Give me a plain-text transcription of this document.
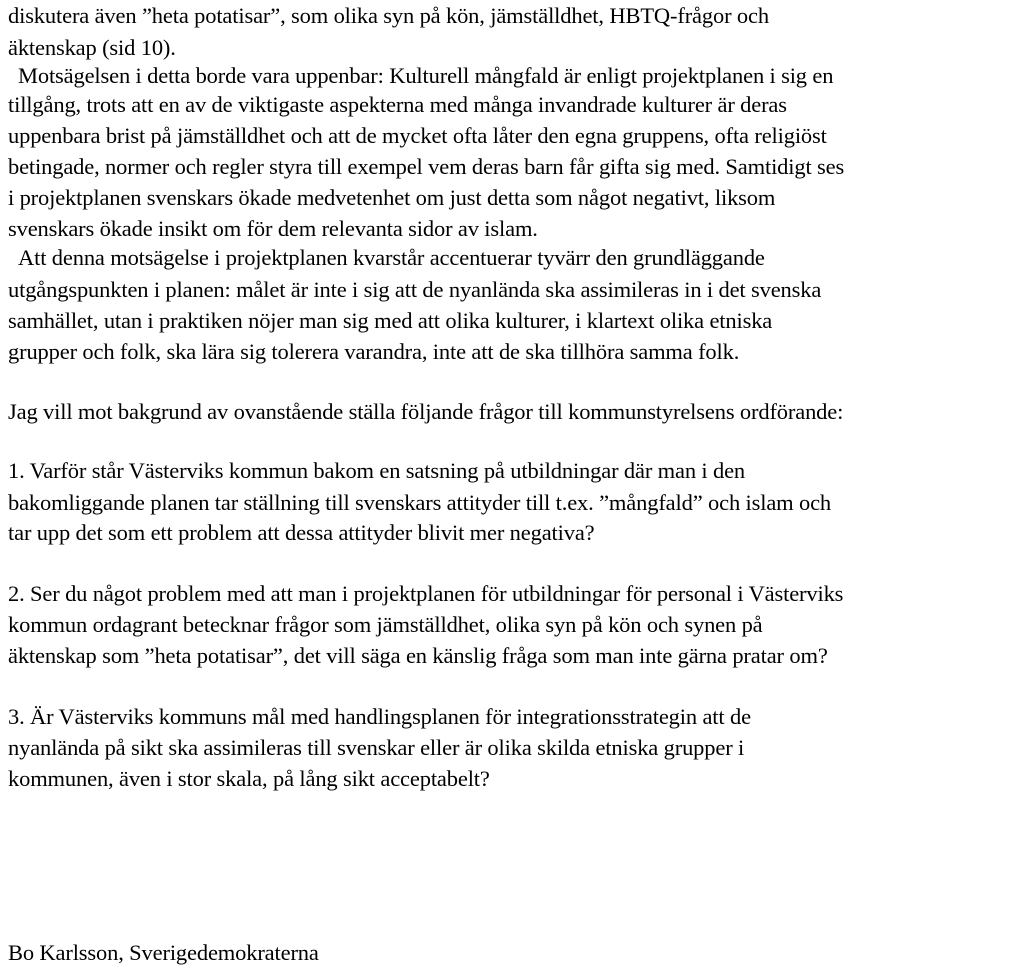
diskutera även ”heta potatisar”, som olika syn på kön, jämställdhet, HBTQ-frågor och
äktenskap (sid 10).
Motsägelsen i detta borde vara uppenbar: Kulturell mångfald är enligt projektplanen i sig en
tillgång, trots att en av de viktigaste aspekterna med många invandrade kulturer är deras
uppenbara brist på jämställdhet och att de mycket ofta låter den egna gruppens, ofta religiöst
betingade, normer och regler styra till exempel vem deras barn får gifta sig med. Samtidigt ses
i projektplanen svenskars ökade medvetenhet om just detta som något negativt, liksom
svenskars ökade insikt om för dem relevanta sidor av islam.
Att denna motsägelse i projektplanen kvarstår accentuerar tyvärr den grundläggande
utgångspunkten i planen: målet är inte i sig att de nyanlända ska assimileras in i det svenska
samhället, utan i praktiken nöjer man sig med att olika kulturer, i klartext olika etniska
grupper och folk, ska lära sig tolerera varandra, inte att de ska tillhöra samma folk.
Jag vill mot bakgrund av ovanstående ställa följande frågor till kommunstyrelsens ordförande:
1. Varför står Västerviks kommun bakom en satsning på utbildningar där man i den
bakomliggande planen tar ställning till svenskars attityder till t.ex. ”mångfald” och islam och
tar upp det som ett problem att dessa attityder blivit mer negativa?
2. Ser du något problem med att man i projektplanen för utbildningar för personal i Västerviks
kommun ordagrant betecknar frågor som jämställdhet, olika syn på kön och synen på
äktenskap som ”heta potatisar”, det vill säga en känslig fråga som man inte gärna pratar om?
3. Är Västerviks kommuns mål med handlingsplanen för integrationsstrategin att de
nyanlända på sikt ska assimileras till svenskar eller är olika skilda etniska grupper i
kommunen, även i stor skala, på lång sikt acceptabelt?
Bo Karlsson, Sverigedemokraterna
